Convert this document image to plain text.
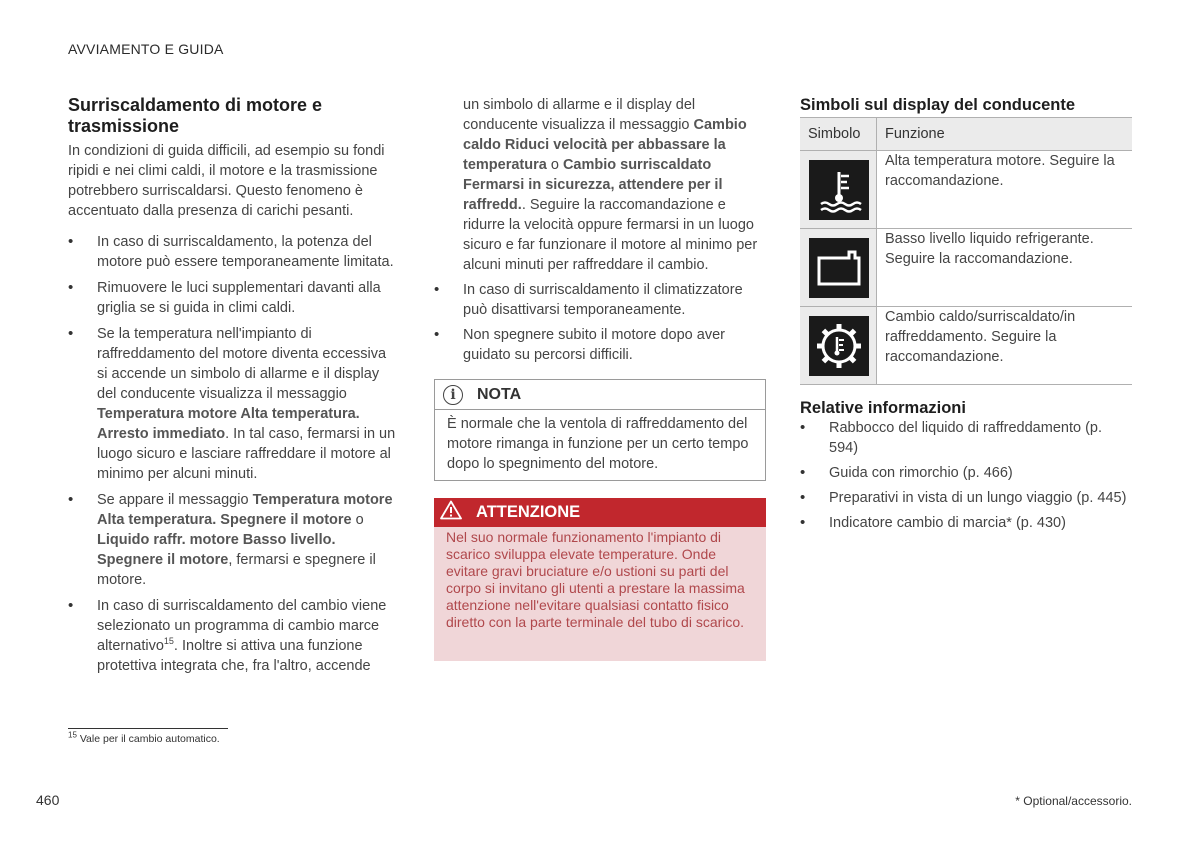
AVVIAMENTO E GUIDA
Surriscaldamento di motore e trasmissione

In condizioni di guida difficili, ad esempio su fondi ripidi e nei climi caldi, il motore e la trasmissione potrebbero surriscaldarsi. Questo fenomeno è accentuato dalla presenza di carichi pesanti.

• In caso di surriscaldamento, la potenza del motore può essere temporaneamente limitata.
• Rimuovere le luci supplementari davanti alla griglia se si guida in climi caldi.
• Se la temperatura nell'impianto di raffreddamento del motore diventa eccessiva si accende un simbolo di allarme e il display del conducente visualizza il messaggio Temperatura motore Alta temperatura. Arresto immediato. In tal caso, fermarsi in un luogo sicuro e lasciare raffreddare il motore al minimo per alcuni minuti.
• Se appare il messaggio Temperatura motore Alta temperatura. Spegnere il motore o Liquido raffr. motore Basso livello. Spegnere il motore, fermarsi e spegnere il motore.
• In caso di surriscaldamento del cambio viene selezionato un programma di cambio marce alternativo$^{15}$. Inoltre si attiva una funzione protettiva integrata che, fra l'altro, accende

un simbolo di allarme e il display del conducente visualizza il messaggio Cambio caldo Riduci velocità per abbassare la temperatura o Cambio surriscaldato Fermarsi in sicurezza, attendere per il raffredd.. Seguire la raccomandazione e ridurre la velocità oppure fermarsi in un luogo sicuro e far funzionare il motore al minimo per alcuni minuti per raffreddare il cambio.

• In caso di surriscaldamento il climatizzatore può disattivarsi temporaneamente.
• Non spegnere subito il motore dopo aver guidato su percorsi difficili.
i	NOTA
È normale che la ventola di raffreddamento del motore rimanga in funzione per un certo tempo dopo lo spegnimento del motore.
ATTENZIONE
Nel suo normale funzionamento l'impianto di scarico sviluppa elevate temperature. Onde evitare gravi bruciature e/o ustioni su parti del corpo si invitano gli utenti a prestare la massima attenzione nell'evitare qualsiasi contatto fisico diretto con la parte terminale del tubo di scarico.
Simboli sul display del conducente
Simbolo	Funzione

	Alta temperatura motore. Seguire la raccomandazione.

	Basso livello liquido refrigerante. Seguire la raccomandazione.

	Cambio caldo/surriscaldato/in raffreddamento. Seguire la raccomandazione.
Relative informazioni
• Rabbocco del liquido di raffreddamento (p. 594)
• Guida con rimorchio (p. 466)
• Preparativi in vista di un lungo viaggio (p. 445)
• Indicatore cambio di marcia* (p. 430)
$^{15}$ Vale per il cambio automatico.
460	* Optional/accessorio.
